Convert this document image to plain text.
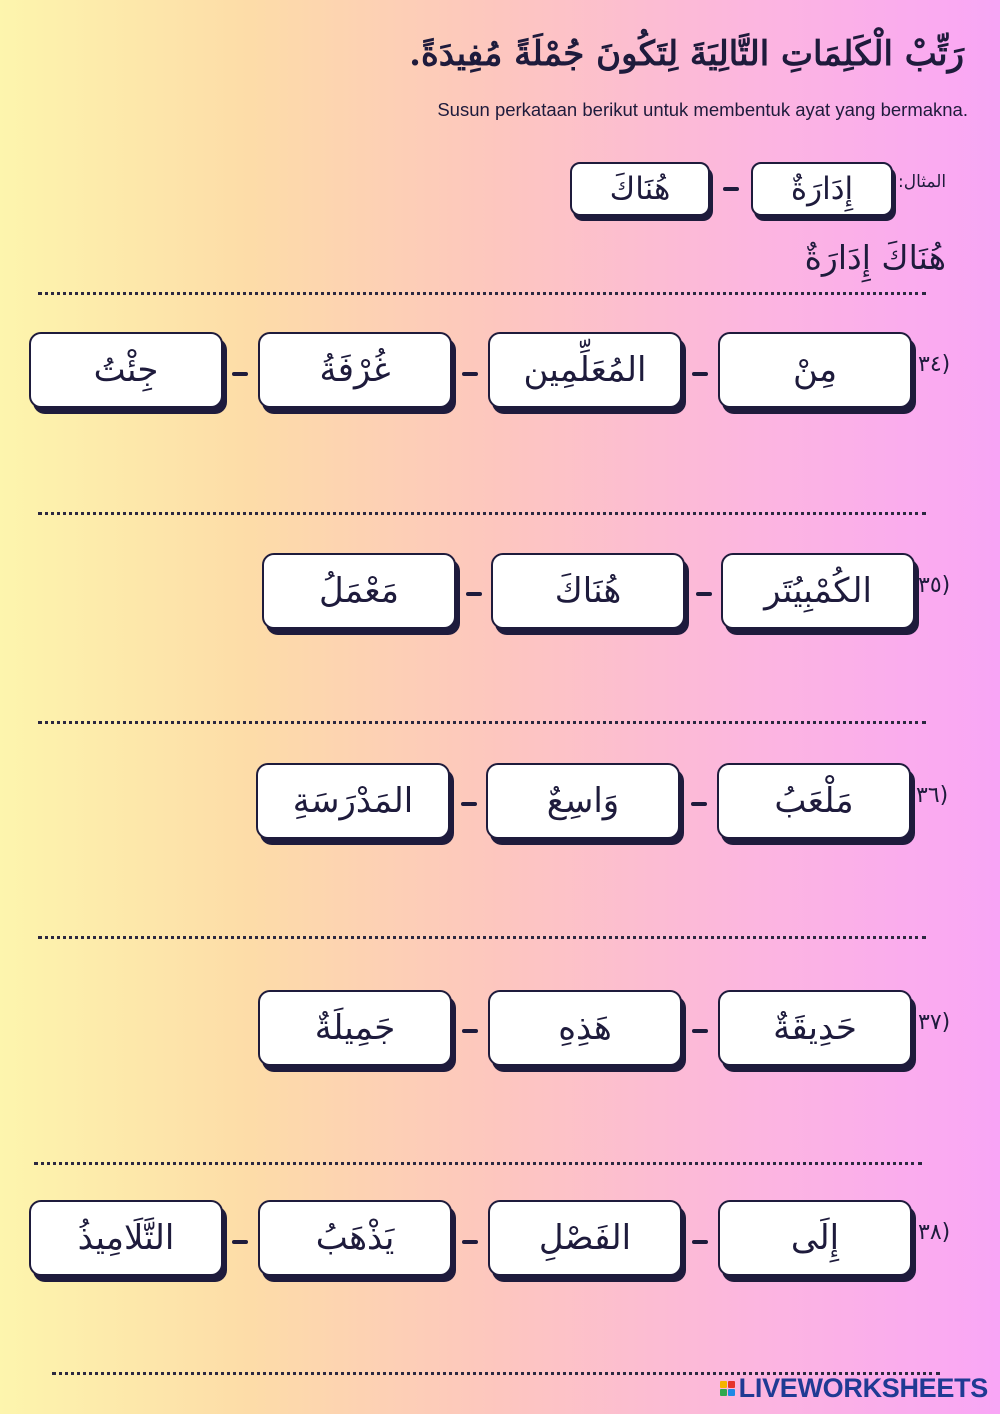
رَتِّبْ الْكَلِمَاتِ التَّالِيَةَ لِتَكُونَ جُمْلَةً مُفِيدَةً.
Susun perkataan berikut untuk membentuk ayat yang bermakna.
المثال:
إِدَارَةٌ
هُنَاكَ
هُنَاكَ إِدَارَةٌ
(٣٤
مِنْ
المُعَلِّمِين
غُرْفَةُ
جِئْتُ
(٣٥
الكُمْبِيُتَر
هُنَاكَ
مَعْمَلُ
(٣٦
مَلْعَبُ
وَاسِعٌ
المَدْرَسَةِ
(٣٧
حَدِيقَةٌ
هَذِهِ
جَمِيلَةٌ
(٣٨
إِلَى
الفَصْلِ
يَذْهَبُ
التَّلَامِيذُ
LIVEWORKSHEETS
